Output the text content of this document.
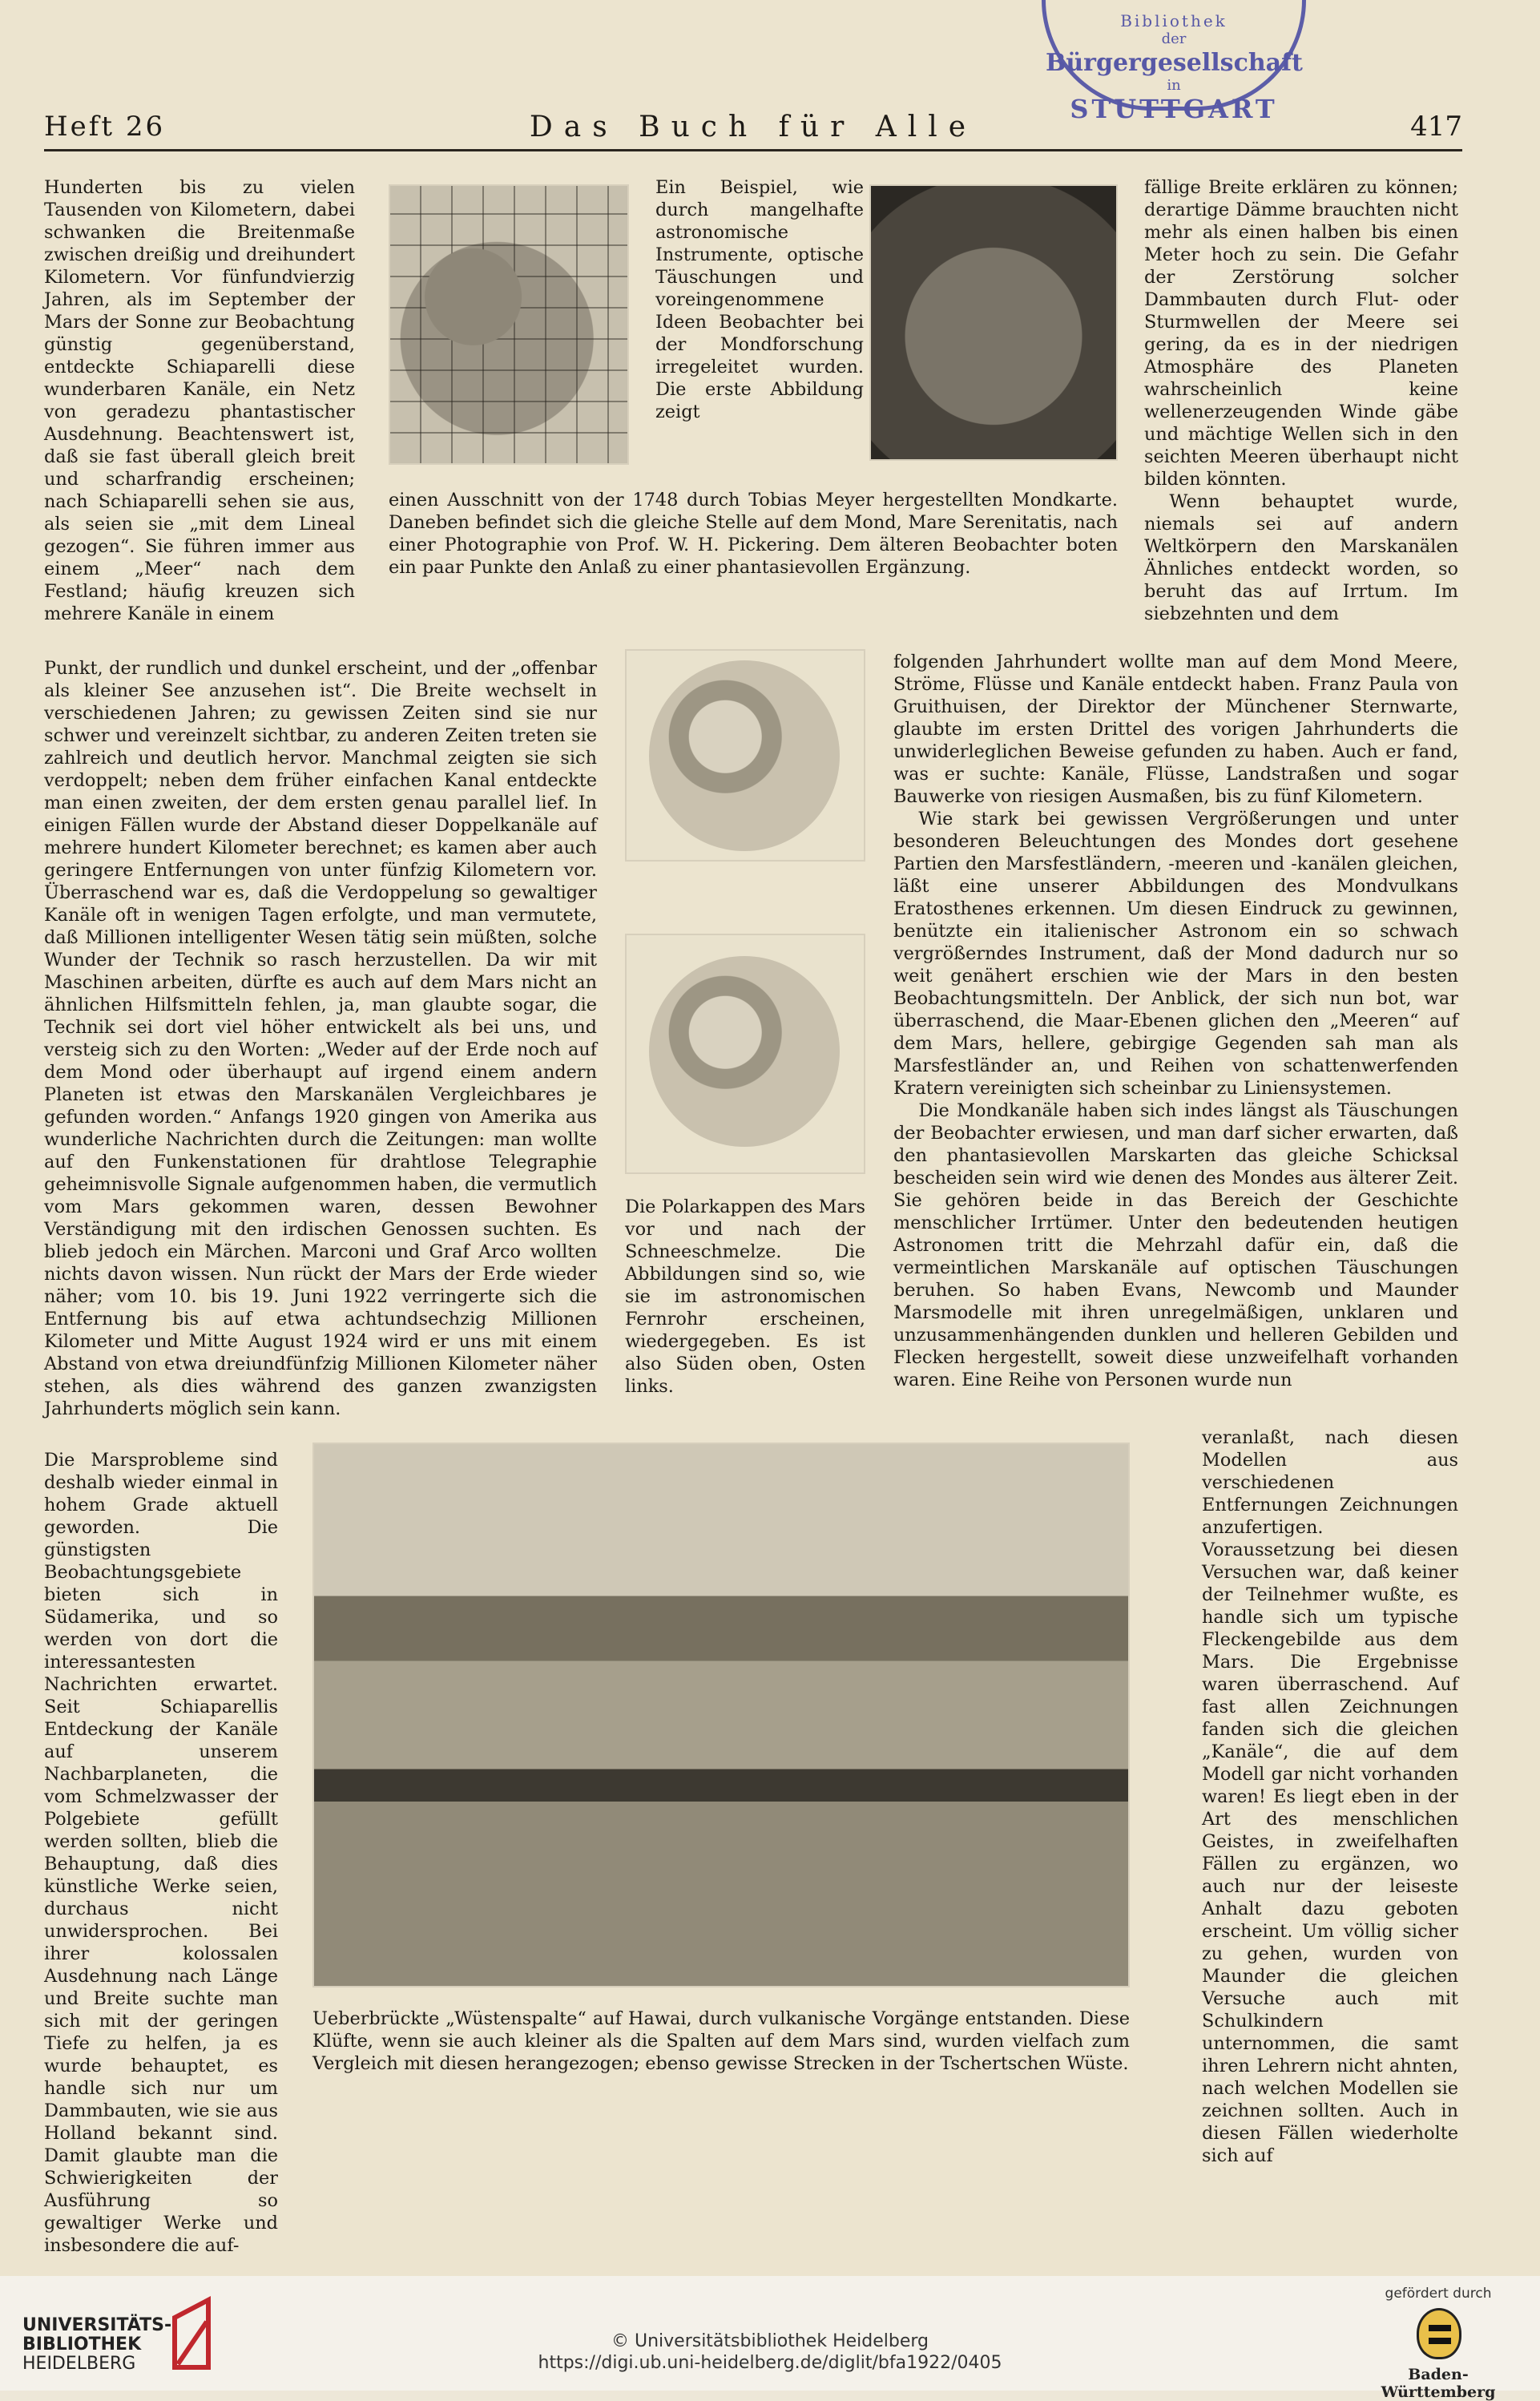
Bibliothek
der
Bürgergesellschaft
in
STUTTGART
Heft 26	Das Buch für Alle	417

Hunderten bis zu vielen Tausenden von Kilometern, dabei schwanken die Breitenmaße zwischen dreißig und dreihundert Kilometern. Vor fünfundvierzig Jahren, als im September der Mars der Sonne zur Beobachtung günstig gegenüberstand, entdeckte Schiaparelli diese wunderbaren Kanäle, ein Netz von geradezu phantastischer Ausdehnung. Beachtenswert ist, daß sie fast überall gleich breit und scharfrandig erscheinen; nach Schiaparelli sehen sie aus, als seien sie „mit dem Lineal gezogen“. Sie führen immer aus einem „Meer“ nach dem Festland; häufig kreuzen sich mehrere Kanäle in einem

Ein Beispiel, wie durch mangelhafte astronomische Instrumente, optische Täuschungen und voreingenommene Ideen Beobachter bei der Mondforschung irregeleitet wurden. Die erste Abbildung zeigt

einen Ausschnitt von der 1748 durch Tobias Meyer hergestellten Mondkarte. Daneben befindet sich die gleiche Stelle auf dem Mond, Mare Serenitatis, nach einer Photographie von Prof. W. H. Pickering. Dem älteren Beobachter boten ein paar Punkte den Anlaß zu einer phantasievollen Ergänzung.

Punkt, der rundlich und dunkel erscheint, und der „offenbar als kleiner See anzusehen ist“. Die Breite wechselt in verschiedenen Jahren; zu gewissen Zeiten sind sie nur schwer und vereinzelt sichtbar, zu anderen Zeiten treten sie zahlreich und deutlich hervor. Manchmal zeigten sie sich verdoppelt; neben dem früher einfachen Kanal entdeckte man einen zweiten, der dem ersten genau parallel lief. In einigen Fällen wurde der Abstand dieser Doppelkanäle auf mehrere hundert Kilometer berechnet; es kamen aber auch geringere Entfernungen von unter fünfzig Kilometern vor. Überraschend war es, daß die Verdoppelung so gewaltiger Kanäle oft in wenigen Tagen erfolgte, und man vermutete, daß Millionen intelligenter Wesen tätig sein müßten, solche Wunder der Technik so rasch herzustellen. Da wir mit Maschinen arbeiten, dürfte es auch auf dem Mars nicht an ähnlichen Hilfsmitteln fehlen, ja, man glaubte sogar, die Technik sei dort viel höher entwickelt als bei uns, und versteig sich zu den Worten: „Weder auf der Erde noch auf dem Mond oder überhaupt auf irgend einem andern Planeten ist etwas den Marskanälen Vergleichbares je gefunden worden.“ Anfangs 1920 gingen von Amerika aus wunderliche Nachrichten durch die Zeitungen: man wollte auf den Funkenstationen für drahtlose Telegraphie geheimnisvolle Signale aufgenommen haben, die vermutlich vom Mars gekommen waren, dessen Bewohner Verständigung mit den irdischen Genossen suchten. Es blieb jedoch ein Märchen. Marconi und Graf Arco wollten nichts davon wissen. Nun rückt der Mars der Erde wieder näher; vom 10. bis 19. Juni 1922 verringerte sich die Entfernung bis auf etwa achtundsechzig Millionen Kilometer und Mitte August 1924 wird er uns mit einem Abstand von etwa dreiundfünfzig Millionen Kilometer näher stehen, als dies während des ganzen zwanzigsten Jahrhunderts möglich sein kann.

Die Polarkappen des Mars vor und nach der Schneeschmelze. Die Abbildungen sind so, wie sie im astronomischen Fernrohr erscheinen, wiedergegeben. Es ist also Süden oben, Osten links.

folgenden Jahrhundert wollte man auf dem Mond Meere, Ströme, Flüsse und Kanäle entdeckt haben. Franz Paula von Gruithuisen, der Direktor der Münchener Sternwarte, glaubte im ersten Drittel des vorigen Jahrhunderts die unwiderleglichen Beweise gefunden zu haben. Auch er fand, was er suchte: Kanäle, Flüsse, Landstraßen und sogar Bauwerke von riesigen Ausmaßen, bis zu fünf Kilometern.

Wie stark bei gewissen Vergrößerungen und unter besonderen Beleuchtungen des Mondes dort gesehene Partien den Marsfestländern, -meeren und -kanälen gleichen, läßt eine unserer Abbildungen des Mondvulkans Eratosthenes erkennen. Um diesen Eindruck zu gewinnen, benützte ein italienischer Astronom ein so schwach vergrößerndes Instrument, daß der Mond dadurch nur so weit genähert erschien wie der Mars in den besten Beobachtungsmitteln. Der Anblick, der sich nun bot, war überraschend, die Maar-Ebenen glichen den „Meeren“ auf dem Mars, hellere, gebirgige Gegenden sah man als Marsfestländer an, und Reihen von schattenwerfenden Kratern vereinigten sich scheinbar zu Liniensystemen.

Die Mondkanäle haben sich indes längst als Täuschungen der Beobachter erwiesen, und man darf sicher erwarten, daß den phantasievollen Marskarten das gleiche Schicksal bescheiden sein wird wie denen des Mondes aus älterer Zeit. Sie gehören beide in das Bereich der Geschichte menschlicher Irrtümer. Unter den bedeutenden heutigen Astronomen tritt die Mehrzahl dafür ein, daß die vermeintlichen Marskanäle auf optischen Täuschungen beruhen. So haben Evans, Newcomb und Maunder Marsmodelle mit ihren unregelmäßigen, unklaren und unzusammenhängenden dunklen und helleren Gebilden und Flecken hergestellt, soweit diese unzweifelhaft vorhanden waren. Eine Reihe von Personen wurde nun

fällige Breite erklären zu können; derartige Dämme brauchten nicht mehr als einen halben bis einen Meter hoch zu sein. Die Gefahr der Zerstörung solcher Dammbauten durch Flut- oder Sturmwellen der Meere sei gering, da es in der niedrigen Atmosphäre des Planeten wahrscheinlich keine wellenerzeugenden Winde gäbe und mächtige Wellen sich in den seichten Meeren überhaupt nicht bilden könnten.

Wenn behauptet wurde, niemals sei auf andern Weltkörpern den Marskanälen Ähnliches entdeckt worden, so beruht das auf Irrtum. Im siebzehnten und dem

Die Marsprobleme sind deshalb wieder einmal in hohem Grade aktuell geworden. Die günstigsten Beobachtungsgebiete bieten sich in Südamerika, und so werden von dort die interessantesten Nachrichten erwartet. Seit Schiaparellis Entdeckung der Kanäle auf unserem Nachbarplaneten, die vom Schmelzwasser der Polgebiete gefüllt werden sollten, blieb die Behauptung, daß dies künstliche Werke seien, durchaus nicht unwidersprochen. Bei ihrer kolossalen Ausdehnung nach Länge und Breite suchte man sich mit der geringen Tiefe zu helfen, ja es wurde behauptet, es handle sich nur um Dammbauten, wie sie aus Holland bekannt sind. Damit glaubte man die Schwierigkeiten der Ausführung so gewaltiger Werke und insbesondere die auf-

Ueberbrückte „Wüstenspalte“ auf Hawai, durch vulkanische Vorgänge entstanden. Diese Klüfte, wenn sie auch kleiner als die Spalten auf dem Mars sind, wurden vielfach zum Vergleich mit diesen herangezogen; ebenso gewisse Strecken in der Tschertschen Wüste.

veranlaßt, nach diesen Modellen aus verschiedenen Entfernungen Zeichnungen anzufertigen. Voraussetzung bei diesen Versuchen war, daß keiner der Teilnehmer wußte, es handle sich um typische Fleckengebilde aus dem Mars. Die Ergebnisse waren überraschend. Auf fast allen Zeichnungen fanden sich die gleichen „Kanäle“, die auf dem Modell gar nicht vorhanden waren! Es liegt eben in der Art des menschlichen Geistes, in zweifelhaften Fällen zu ergänzen, wo auch nur der leiseste Anhalt dazu geboten erscheint. Um völlig sicher zu gehen, wurden von Maunder die gleichen Versuche auch mit Schulkindern unternommen, die samt ihren Lehrern nicht ahnten, nach welchen Modellen sie zeichnen sollten. Auch in diesen Fällen wiederholte sich auf

UNIVERSITÄTS-
BIBLIOTHEK
HEIDELBERG
© Universitätsbibliothek Heidelberg
https://digi.ub.uni-heidelberg.de/diglit/bfa1922/0405
gefördert durch
Baden-Württemberg
